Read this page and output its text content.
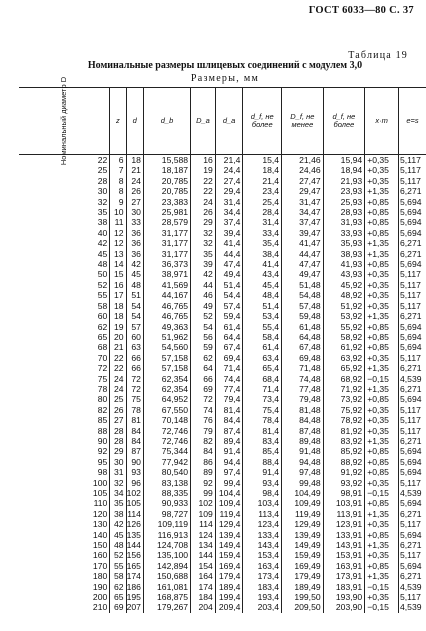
ГОСТ 6033—80 С. 37
Таблица 19
Номинальные размеры шлицевых соединений с модулем 3,0
Размеры, мм
Номинальный диаметр D	z	d	d_b	D_a	d_a	d_f, не более	D_f, не менее	d_f, не более	x·m	e=s
22	6	18	15,588	16	21,4	15,4	21,46	15,94	+0,35	5,117
25	7	21	18,187	19	24,4	18,4	24,46	18,94	+0,35	5,117
28	8	24	20,785	22	27,4	21,4	27,47	21,93	+0,35	5,117
30	8	26	20,785	22	29,4	23,4	29,47	23,93	+1,35	6,271
32	9	27	23,383	24	31,4	25,4	31,47	25,93	+0,85	5,694
35	10	30	25,981	26	34,4	28,4	34,47	28,93	+0,85	5,694
38	11	33	28,579	29	37,4	31,4	37,47	31,93	+0,85	5,694
40	12	36	31,177	32	39,4	33,4	39,47	33,93	+0,85	5,694
42	12	36	31,177	32	41,4	35,4	41,47	35,93	+1,35	6,271
45	13	36	31,177	35	44,4	38,4	44,47	38,93	+1,35	6,271
48	14	42	36,373	39	47,4	41,4	47,47	41,93	+0,85	5,694
50	15	45	38,971	42	49,4	43,4	49,47	43,93	+0,35	5,117
52	16	48	41,569	44	51,4	45,4	51,48	45,92	+0,35	5,117
55	17	51	44,167	46	54,4	48,4	54,48	48,92	+0,35	5,117
58	18	54	46,765	49	57,4	51,4	57,48	51,92	+0,35	5,117
60	18	54	46,765	52	59,4	53,4	59,48	53,92	+1,35	6,271
62	19	57	49,363	54	61,4	55,4	61,48	55,92	+0,85	5,694
65	20	60	51,962	56	64,4	58,4	64,48	58,92	+0,85	5,694
68	21	63	54,560	59	67,4	61,4	67,48	61,92	+0,85	5,694
70	22	66	57,158	62	69,4	63,4	69,48	63,92	+0,35	5,117
72	22	66	57,158	64	71,4	65,4	71,48	65,92	+1,35	6,271
75	24	72	62,354	66	74,4	68,4	74,48	68,92	−0,15	4,539
78	24	72	62,354	69	77,4	71,4	77,48	71,92	+1,35	6,271
80	25	75	64,952	72	79,4	73,4	79,48	73,92	+0,85	5,694
82	26	78	67,550	74	81,4	75,4	81,48	75,92	+0,35	5,117
85	27	81	70,148	76	84,4	78,4	84,48	78,92	+0,35	5,117
88	28	84	72,746	79	87,4	81,4	87,48	81,92	+0,35	5,117
90	28	84	72,746	82	89,4	83,4	89,48	83,92	+1,35	6,271
92	29	87	75,344	84	91,4	85,4	91,48	85,92	+0,85	5,694
95	30	90	77,942	86	94,4	88,4	94,48	88,92	+0,85	5,694
98	31	93	80,540	89	97,4	91,4	97,48	91,92	+0,85	5,694
100	32	96	83,138	92	99,4	93,4	99,48	93,92	+0,35	5,117
105	34	102	88,335	99	104,4	98,4	104,49	98,91	−0,15	4,539
110	35	105	90,933	102	109,4	103,4	109,49	103,91	+0,85	5,694
120	38	114	98,727	109	119,4	113,4	119,49	113,91	+1,35	6,271
130	42	126	109,119	114	129,4	123,4	129,49	123,91	+0,35	5,117
140	45	135	116,913	124	139,4	133,4	139,49	133,91	+0,85	5,694
150	48	144	124,708	134	149,4	143,4	149,49	143,91	+1,35	6,271
160	52	156	135,100	144	159,4	153,4	159,49	153,91	+0,35	5,117
170	55	165	142,894	154	169,4	163,4	169,49	163,91	+0,85	5,694
180	58	174	150,688	164	179,4	173,4	179,49	173,91	+1,35	6,271
190	62	186	161,081	174	189,4	183,4	189,49	183,91	−0,15	4,539
200	65	195	168,875	184	199,4	193,4	199,50	193,90	+0,35	5,117
210	69	207	179,267	204	209,4	203,4	209,50	203,90	−0,15	4,539
